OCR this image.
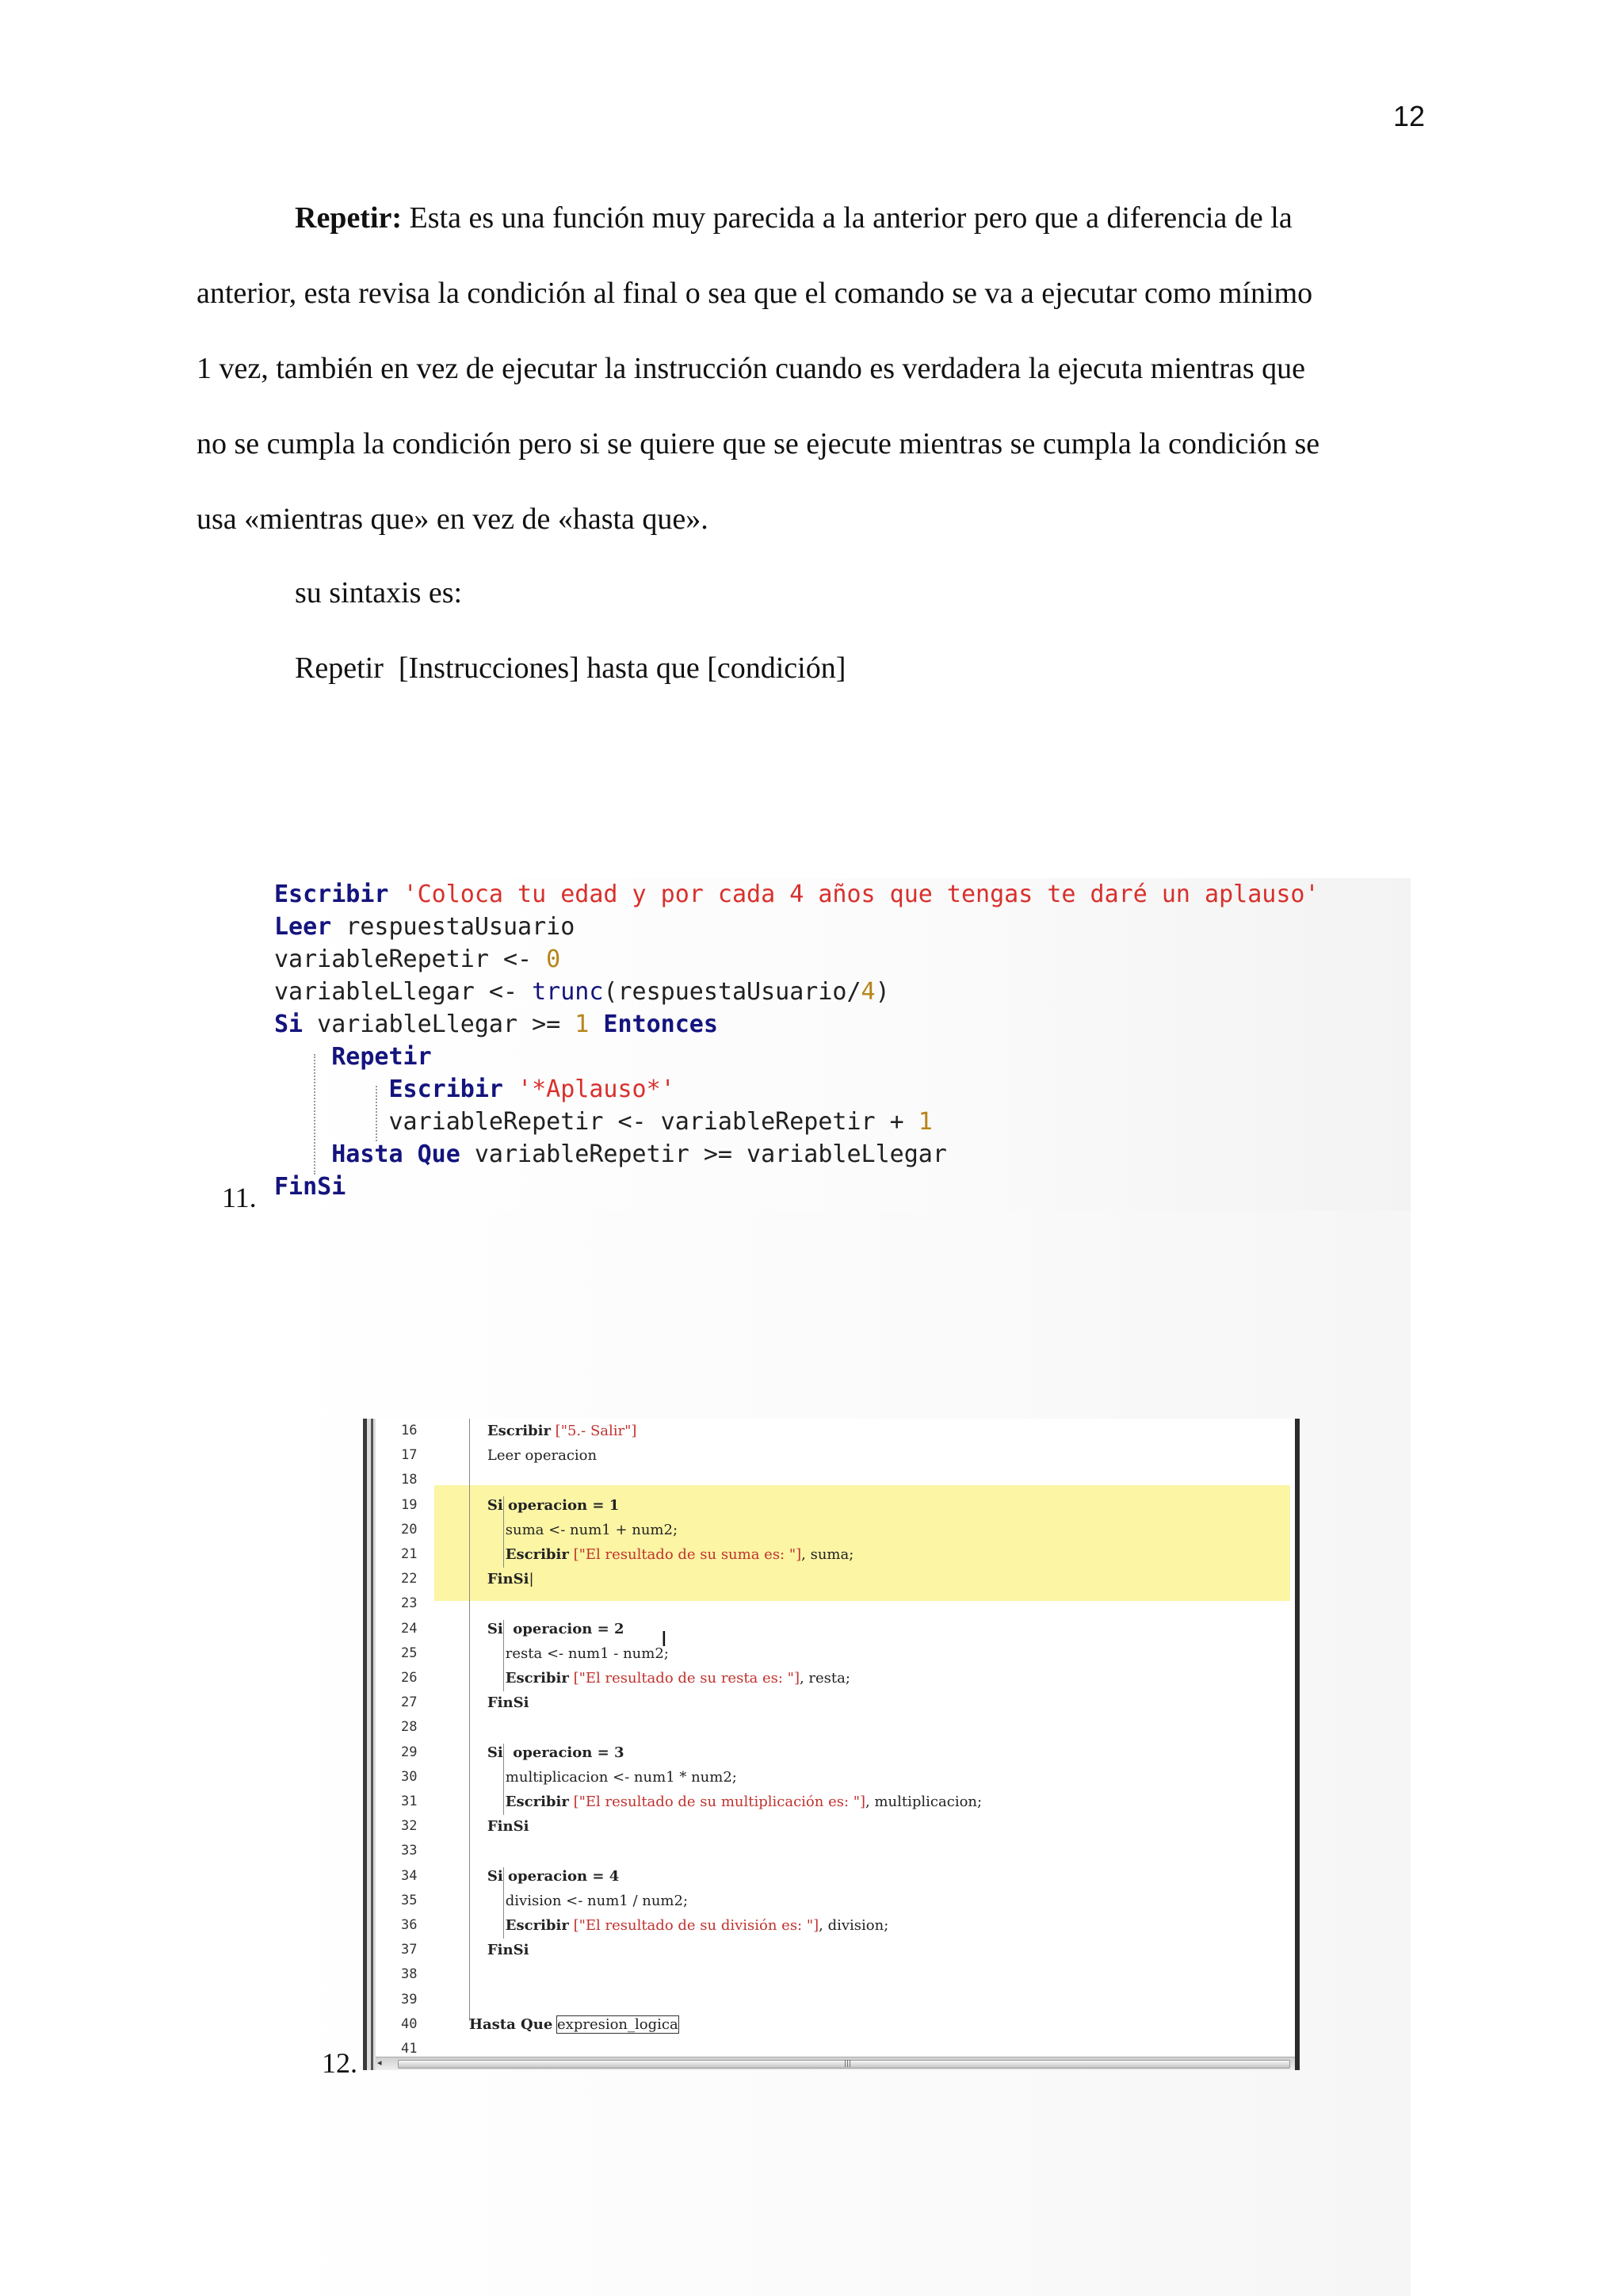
12

Repetir: Esta es una función muy parecida a la anterior pero que a diferencia de la
anterior, esta revisa la condición al final o sea que el comando se va a ejecutar como mínimo
1 vez, también en vez de ejecutar la instrucción cuando es verdadera la ejecuta mientras que
no se cumpla la condición pero si se quiere que se ejecute mientras se cumpla la condición se
usa «mientras que» en vez de «hasta que».

su sintaxis es:
Repetir  [Instrucciones] hasta que [condición]
Escribir 'Coloca tu edad y por cada 4 años que tengas te daré un aplauso'
Leer respuestaUsuario
variableRepetir <- 0
variableLlegar <- trunc(respuestaUsuario/4)
Si variableLlegar >= 1 Entonces
Repetir
Escribir '*Aplauso*'
variableRepetir <- variableRepetir + 1
Hasta Que variableRepetir >= variableLlegar
FinSi
11.
16
17
18
19
20
21
22
23
24
25
26
27
28
29
30
31
32
33
34
35
36
37
38
39
40
41
Escribir ["5.- Salir"]
Leer operacion

Si operacion = 1
suma <- num1 + num2;
Escribir ["El resultado de su suma es: "], suma;
FinSi|

Si  operacion = 2
resta <- num1 - num2;
Escribir ["El resultado de su resta es: "], resta;
FinSi

Si  operacion = 3
multiplicacion <- num1 * num2;
Escribir ["El resultado de su multiplicación es: "], multiplicacion;
FinSi

Si operacion = 4
division <- num1 / num2;
Escribir ["El resultado de su división es: "], division;
FinSi

Hasta Que expresion_logica

I
◂	|||
12.
